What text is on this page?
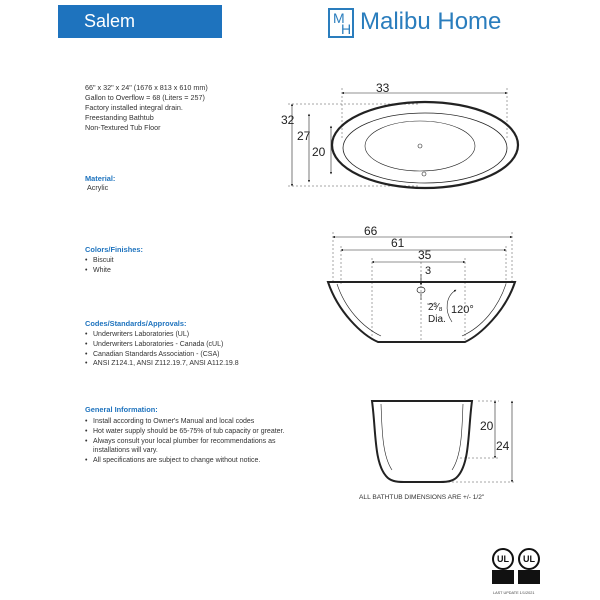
Salem	M
H Malibu Home
66" x 32" x 24" (1676 x 813 x 610 mm)
Gallon to Overflow = 68 (Liters = 257)
Factory installed integral drain.
Freestanding Bathtub
Non-Textured Tub Floor
Material:
Acrylic
Colors/Finishes:
• Biscuit
• White
Codes/Standards/Approvals:
• Underwriters Laboratories (UL)
• Underwriters Laboratories - Canada (cUL)
• Canadian Standards Association - (CSA)
• ANSI Z124.1, ANSI Z112.19.7, ANSI A112.19.8
General Information:
• Install according to Owner's Manual and local codes
• Hot water supply should be 65-75% of tub capacity or greater.
• Always consult your local plumber for recommendations as installations will vary.
• All specifications are subject to change without notice.
33
32
27
20
66
61
35
3
2³⁄₈
Dia.
120°
20
24
ALL BATHTUB DIMENSIONS ARE +/- 1/2"
UL	UL
LAST UPDATE 1/1/2021
